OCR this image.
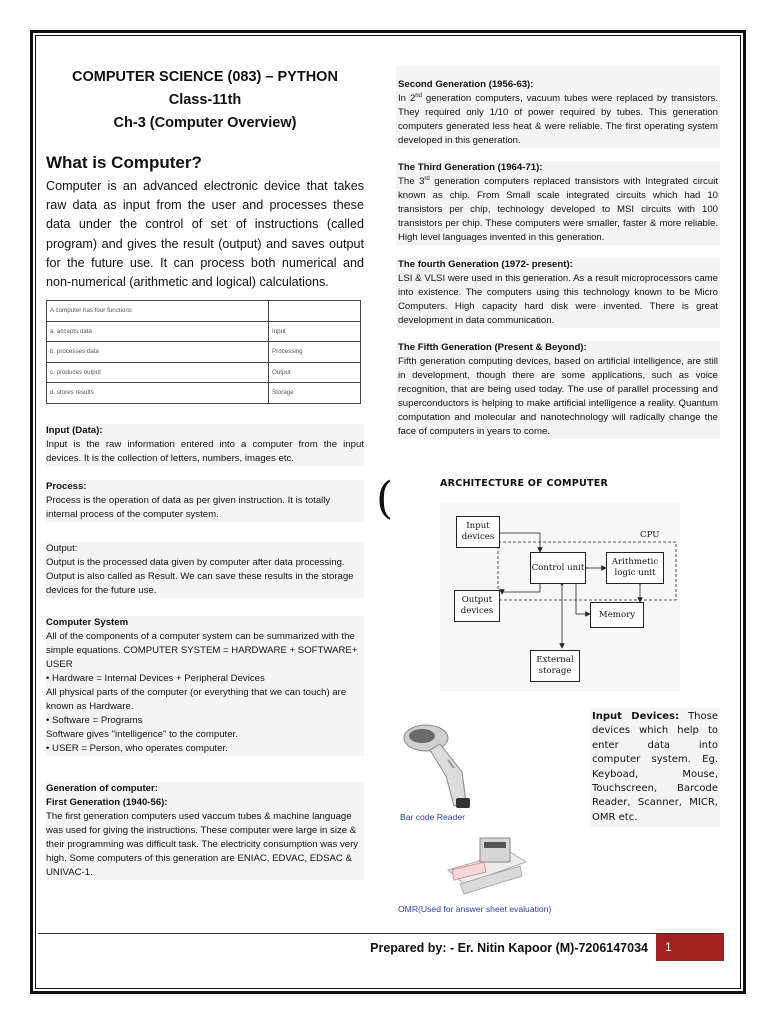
COMPUTER SCIENCE (083) – PYTHON
Class-11th
Ch-3 (Computer Overview)
What is Computer?
Computer is an advanced electronic device that takes raw data as input from the user and processes these data under the control of set of instructions (called program) and gives the result (output) and saves output for the future use. It can process both numerical and non-numerical (arithmetic and logical) calculations.
A computer has four functions	
a. accepts data	Input
b. processes data	Processing
c. produces output	Output
d. stores results	Storage
Input (Data):
Input is the raw information entered into a computer from the input devices. It is the collection of letters, numbers, images etc.
Process:
Process is the operation of data as per given instruction. It is totally internal process of the computer system.
Output:
Output is the processed data given by computer after data processing. Output is also called as Result. We can save these results in the storage devices for the future use.
Computer System
All of the components of a computer system can be summarized with the simple equations. COMPUTER SYSTEM = HARDWARE + SOFTWARE+ USER
• Hardware = Internal Devices + Peripheral Devices
All physical parts of the computer (or everything that we can touch) are known as Hardware.
• Software = Programs
Software gives "intelligence" to the computer.
• USER = Person, who operates computer.
Generation of computer:
First Generation (1940-56):
The first generation computers used vaccum tubes & machine language was used for giving the instructions. These computer were large in size & their programming was difficult task. The electricity consumption was very high. Some computers of this generation are ENIAC, EDVAC, EDSAC & UNIVAC-1.
Second Generation (1956-63):
In 2nd generation computers, vacuum tubes were replaced by transistors. They required only 1/10 of power required by tubes. This generation computers generated less heat & were reliable. The first operating system developed in this generation.
The Third Generation (1964-71):
The 3rd generation computers replaced transistors with Integrated circuit known as chip. From Small scale integrated circuits which had 10 transistors per chip, technology developed to MSI circuits with 100 transistors per chip. These computers were smaller, faster & more reliable. High level languages invented in this generation.
The fourth Generation (1972- present):
LSI & VLSI were used in this generation. As a result microprocessors came into existence. The computers using this technology known to be Micro Computers. High capacity hard disk were invented. There is great development in data communication.
The Fifth Generation (Present & Beyond):
Fifth generation computing devices, based on artificial intelligence, are still in development, though there are some applications, such as voice recognition, that are being used today. The use of parallel processing and superconductors is helping to make artificial intelligence a reality. Quantum computation and molecular and nanotechnology will radically change the face of computers in years to come.
(	ARCHITECTURE OF COMPUTER
Input devices
Control unit
Arithmetic logic unit
CPU
Output devices	Memory
External storage
Bar code Reader
OMR(Used for answer sheet evaluation)
Input Devices: Those devices which help to enter data into computer system. Eg. Keyboad, Mouse, Touchscreen, Barcode Reader, Scanner, MICR, OMR etc.
Prepared by: - Er. Nitin Kapoor (M)-7206147034	1
